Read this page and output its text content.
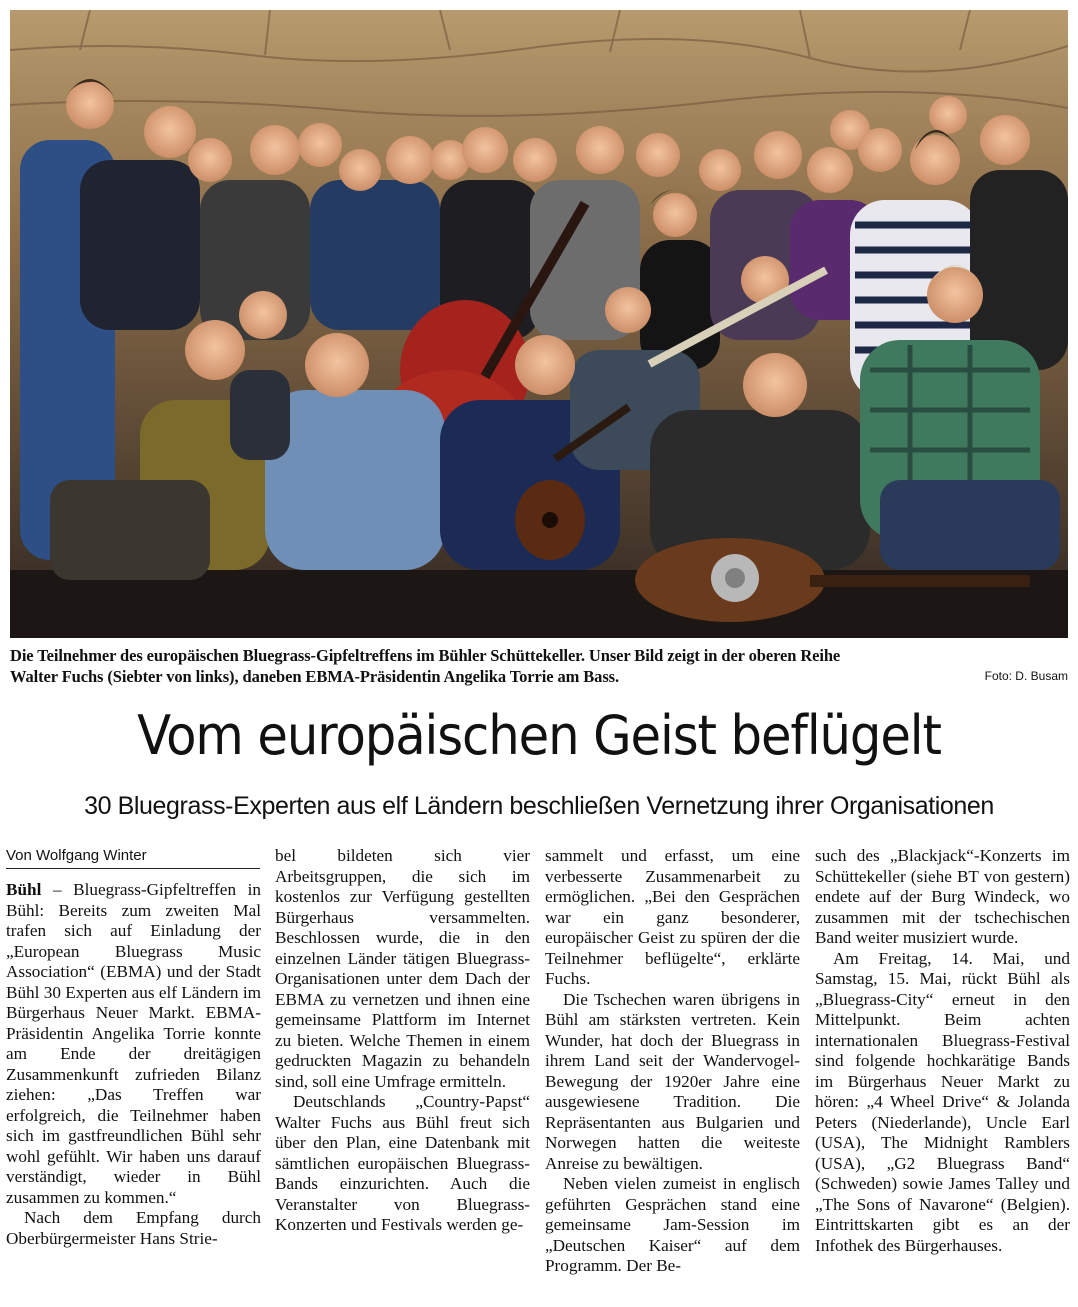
Die Teilnehmer des europäischen Bluegrass-Gipfeltreffens im Bühler Schüttekeller. Unser Bild zeigt in der oberen Reihe
Walter Fuchs (Siebter von links), daneben EBMA-Präsidentin Angelika Torrie am Bass.	Foto: D. Busam
Vom europäischen Geist beflügelt
30 Bluegrass-Experten aus elf Ländern beschließen Vernetzung ihrer Organisationen
Von Wolfgang Winter

Bühl – Bluegrass-Gipfeltreffen in Bühl: Bereits zum zweiten Mal trafen sich auf Einladung der „European Bluegrass Music Association“ (EBMA) und der Stadt Bühl 30 Experten aus elf Ländern im Bürgerhaus Neuer Markt. EBMA-Präsidentin Angelika Torrie konnte am Ende der dreitägigen Zusammenkunft zufrieden Bilanz ziehen: „Das Treffen war erfolgreich, die Teilnehmer haben sich im gastfreundlichen Bühl sehr wohl gefühlt. Wir haben uns darauf verständigt, wieder in Bühl zusammen zu kommen.“

Nach dem Empfang durch Oberbürgermeister Hans Strie-

bel bildeten sich vier Arbeitsgruppen, die sich im kostenlos zur Verfügung gestellten Bürgerhaus versammelten. Beschlossen wurde, die in den einzelnen Länder tätigen Bluegrass-Organisationen unter dem Dach der EBMA zu vernetzen und ihnen eine gemeinsame Plattform im Internet zu bieten. Welche Themen in einem gedruckten Magazin zu behandeln sind, soll eine Umfrage ermitteln.

Deutschlands „Country-Papst“ Walter Fuchs aus Bühl freut sich über den Plan, eine Datenbank mit sämtlichen europäischen Bluegrass-Bands einzurichten. Auch die Veranstalter von Bluegrass-Konzerten und Festivals werden ge-

sammelt und erfasst, um eine verbesserte Zusammenarbeit zu ermöglichen. „Bei den Gesprächen war ein ganz besonderer, europäischer Geist zu spüren der die Teilnehmer beflügelte“, erklärte Fuchs.

Die Tschechen waren übrigens in Bühl am stärksten vertreten. Kein Wunder, hat doch der Bluegrass in ihrem Land seit der Wandervogel-Bewegung der 1920er Jahre eine ausgewiesene Tradition. Die Repräsentanten aus Bulgarien und Norwegen hatten die weiteste Anreise zu bewältigen.

Neben vielen zumeist in englisch geführten Gesprächen stand eine gemeinsame Jam-Session im „Deutschen Kaiser“ auf dem Programm. Der Be-

such des „Blackjack“-Konzerts im Schüttekeller (siehe BT von gestern) endete auf der Burg Windeck, wo zusammen mit der tschechischen Band weiter musiziert wurde.

Am Freitag, 14. Mai, und Samstag, 15. Mai, rückt Bühl als „Bluegrass-City“ erneut in den Mittelpunkt. Beim achten internationalen Bluegrass-Festival sind folgende hochkarätige Bands im Bürgerhaus Neuer Markt zu hören: „4 Wheel Drive“ & Jolanda Peters (Niederlande), Uncle Earl (USA), The Midnight Ramblers (USA), „G2 Bluegrass Band“ (Schweden) sowie James Talley und „The Sons of Navarone“ (Belgien). Eintrittskarten gibt es an der Infothek des Bürgerhauses.
